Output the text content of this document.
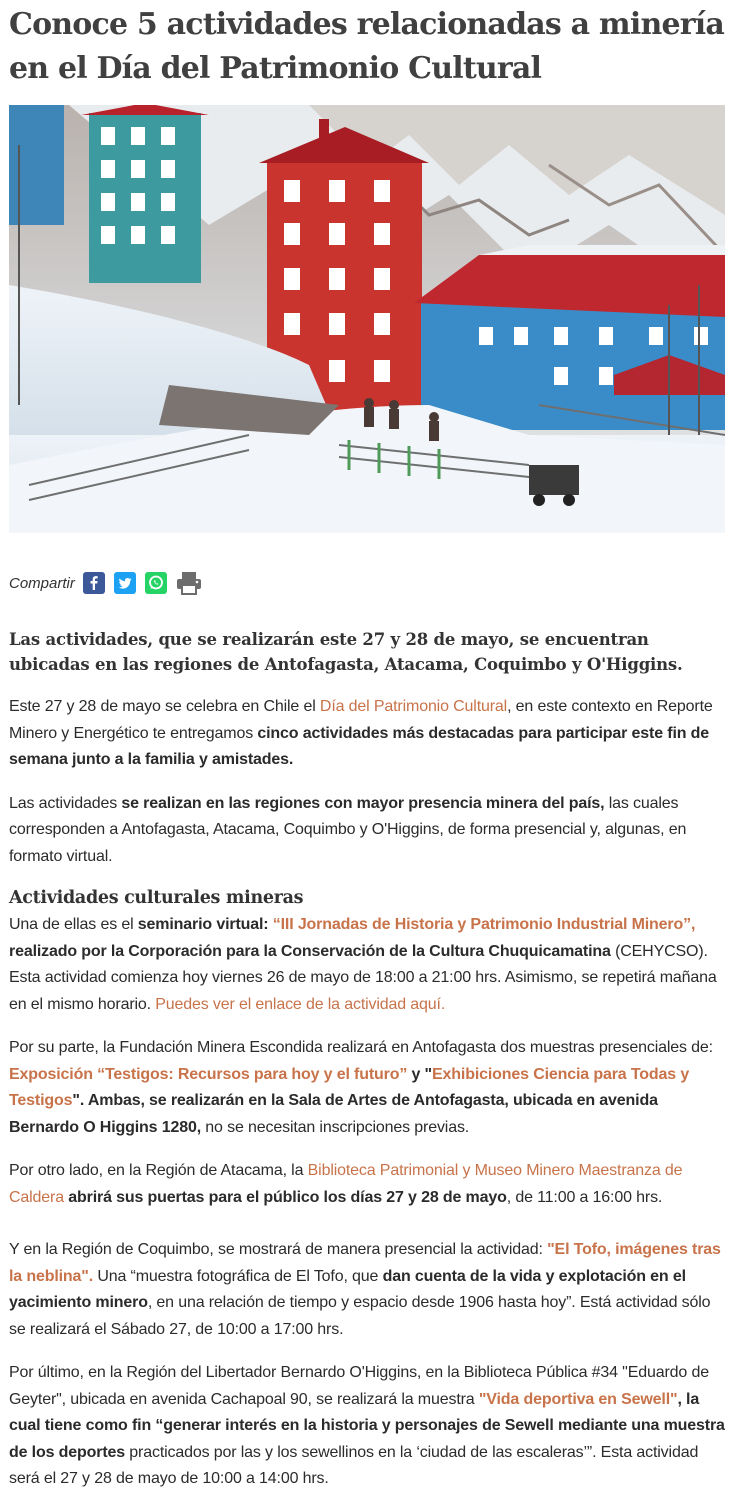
Conoce 5 actividades relacionadas a minería en el Día del Patrimonio Cultural
Compartir
Las actividades, que se realizarán este 27 y 28 de mayo, se encuentran ubicadas en las regiones de Antofagasta, Atacama, Coquimbo y O'Higgins.

Este 27 y 28 de mayo se celebra en Chile el Día del Patrimonio Cultural, en este contexto en Reporte Minero y Energético te entregamos cinco actividades más destacadas para participar este fin de semana junto a la familia y amistades.

Las actividades se realizan en las regiones con mayor presencia minera del país, las cuales corresponden a Antofagasta, Atacama, Coquimbo y O'Higgins, de forma presencial y, algunas, en formato virtual.

Actividades culturales mineras

Una de ellas es el seminario virtual: “III Jornadas de Historia y Patrimonio Industrial Minero”, realizado por la Corporación para la Conservación de la Cultura Chuquicamatina (CEHYCSO). Esta actividad comienza hoy viernes 26 de mayo de 18:00 a 21:00 hrs. Asimismo, se repetirá mañana en el mismo horario. Puedes ver el enlace de la actividad aquí.

Por su parte, la Fundación Minera Escondida realizará en Antofagasta dos muestras presenciales de: Exposición “Testigos: Recursos para hoy y el futuro” y "Exhibiciones Ciencia para Todas y Testigos". Ambas, se realizarán en la Sala de Artes de Antofagasta, ubicada en avenida Bernardo O Higgins 1280, no se necesitan inscripciones previas.

Por otro lado, en la Región de Atacama, la Biblioteca Patrimonial y Museo Minero Maestranza de Caldera abrirá sus puertas para el público los días 27 y 28 de mayo, de 11:00 a 16:00 hrs.

Y en la Región de Coquimbo, se mostrará de manera presencial la actividad: "El Tofo, imágenes tras la neblina". Una “muestra fotográfica de El Tofo, que dan cuenta de la vida y explotación en el yacimiento minero, en una relación de tiempo y espacio desde 1906 hasta hoy”. Está actividad sólo se realizará el Sábado 27, de 10:00 a 17:00 hrs.

Por último, en la Región del Libertador Bernardo O'Higgins, en la Biblioteca Pública #34 "Eduardo de Geyter", ubicada en avenida Cachapoal 90, se realizará la muestra "Vida deportiva en Sewell", la cual tiene como fin “generar interés en la historia y personajes de Sewell mediante una muestra de los deportes practicados por las y los sewellinos en la ‘ciudad de las escaleras’”. Esta actividad será el 27 y 28 de mayo de 10:00 a 14:00 hrs.
